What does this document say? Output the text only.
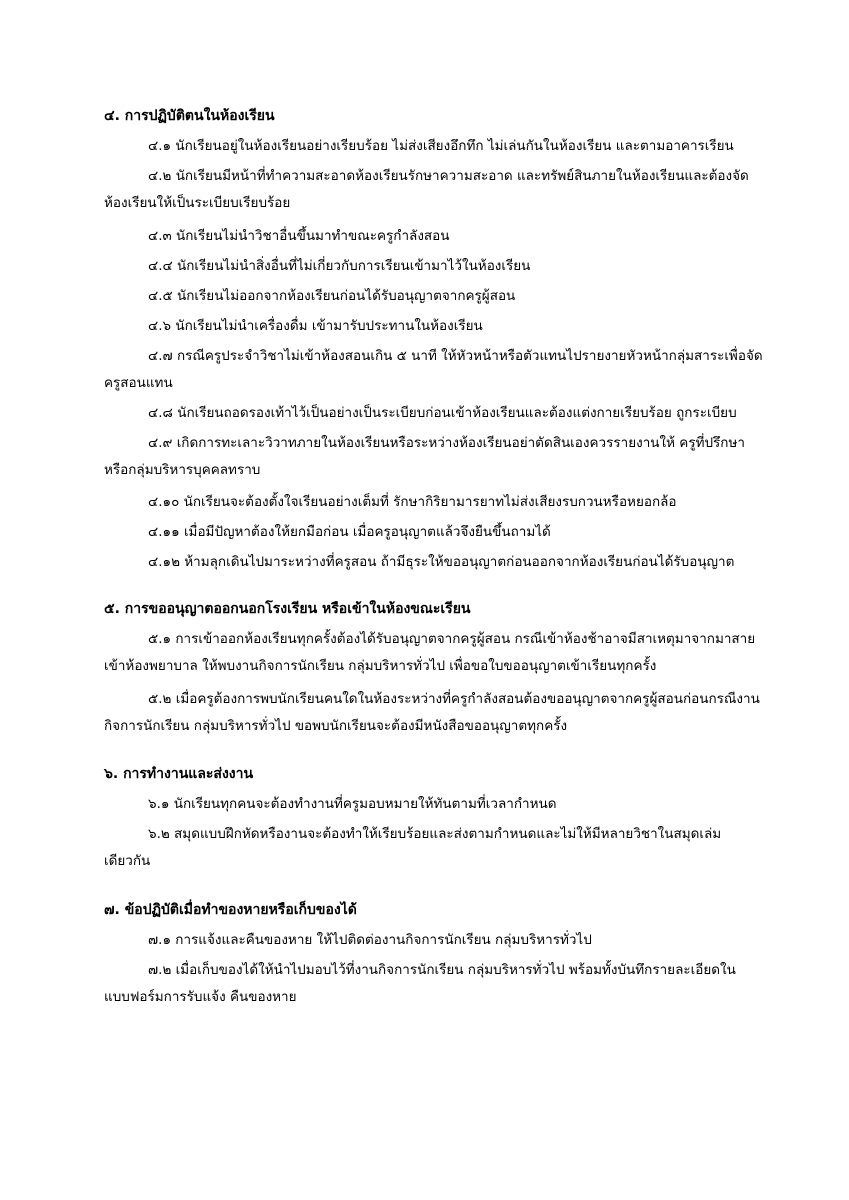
๔. การปฏิบัติตนในห้องเรียน
๔.๑ นักเรียนอยู่ในห้องเรียนอย่างเรียบร้อย ไม่ส่งเสียงอึกทึก ไม่เล่นกันในห้องเรียน และตามอาคารเรียน
๔.๒ นักเรียนมีหน้าที่ทำความสะอาดห้องเรียนรักษาความสะอาด และทรัพย์สินภายในห้องเรียนและต้องจัด
ห้องเรียนให้เป็นระเบียบเรียบร้อย
๔.๓ นักเรียนไม่นำวิชาอื่นขึ้นมาทำขณะครูกำลังสอน
๔.๔ นักเรียนไม่นำสิ่งอื่นที่ไม่เกี่ยวกับการเรียนเข้ามาไว้ในห้องเรียน
๔.๕ นักเรียนไม่ออกจากห้องเรียนก่อนได้รับอนุญาตจากครูผู้สอน
๔.๖ นักเรียนไม่นำเครื่องดื่ม เข้ามารับประทานในห้องเรียน
๔.๗ กรณีครูประจำวิชาไม่เข้าห้องสอนเกิน ๕ นาที ให้หัวหน้าหรือตัวแทนไปรายงายหัวหน้ากลุ่มสาระเพื่อจัด
ครูสอนแทน
๔.๘ นักเรียนถอดรองเท้าไว้เป็นอย่างเป็นระเบียบก่อนเข้าห้องเรียนและต้องแต่งกายเรียบร้อย ถูกระเบียบ
๔.๙ เกิดการทะเลาะวิวาทภายในห้องเรียนหรือระหว่างห้องเรียนอย่าตัดสินเองควรรายงานให้ ครูที่ปรึกษา
หรือกลุ่มบริหารบุคคลทราบ
๔.๑๐ นักเรียนจะต้องตั้งใจเรียนอย่างเต็มที่ รักษากิริยามารยาทไม่ส่งเสียงรบกวนหรือหยอกล้อ
๔.๑๑ เมื่อมีปัญหาต้องให้ยกมือก่อน เมื่อครูอนุญาตแล้วจึงยืนขึ้นถามได้
๔.๑๒ ห้ามลุกเดินไปมาระหว่างที่ครูสอน ถ้ามีธุระให้ขออนุญาตก่อนออกจากห้องเรียนก่อนได้รับอนุญาต
๕. การขออนุญาตออกนอกโรงเรียน หรือเข้าในห้องขณะเรียน
๕.๑ การเข้าออกห้องเรียนทุกครั้งต้องได้รับอนุญาตจากครูผู้สอน กรณีเข้าห้องช้าอาจมีสาเหตุมาจากมาสาย
เข้าห้องพยาบาล ให้พบงานกิจการนักเรียน กลุ่มบริหารทั่วไป เพื่อขอใบขออนุญาตเข้าเรียนทุกครั้ง
๕.๒ เมื่อครูต้องการพบนักเรียนคนใดในห้องระหว่างที่ครูกำลังสอนต้องขออนุญาตจากครูผู้สอนก่อนกรณีงาน
กิจการนักเรียน กลุ่มบริหารทั่วไป ขอพบนักเรียนจะต้องมีหนังสือขออนุญาตทุกครั้ง
๖. การทำงานและส่งงาน
๖.๑ นักเรียนทุกคนจะต้องทำงานที่ครูมอบหมายให้ทันตามที่เวลากำหนด
๖.๒ สมุดแบบฝึกหัดหรืองานจะต้องทำให้เรียบร้อยและส่งตามกำหนดและไม่ให้มีหลายวิชาในสมุดเล่ม
เดียวกัน
๗. ข้อปฏิบัติเมื่อทำของหายหรือเก็บของได้
๗.๑ การแจ้งและคืนของหาย ให้ไปติดต่องานกิจการนักเรียน กลุ่มบริหารทั่วไป
๗.๒ เมื่อเก็บของได้ให้นำไปมอบไว้ที่งานกิจการนักเรียน กลุ่มบริหารทั่วไป พร้อมทั้งบันทึกรายละเอียดใน
แบบฟอร์มการรับแจ้ง คืนของหาย
